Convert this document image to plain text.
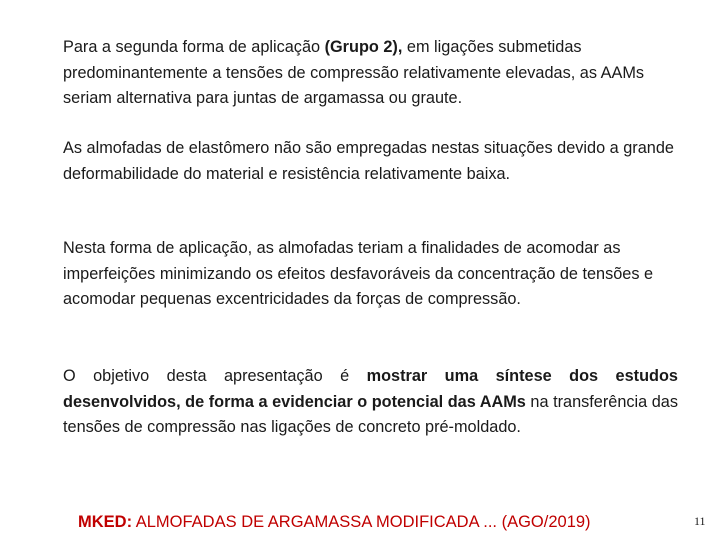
Para a segunda forma de aplicação (Grupo 2), em ligações submetidas predominantemente a tensões de compressão relativamente elevadas, as AAMs seriam alternativa para juntas de argamassa ou graute.

As almofadas de elastômero não são empregadas nestas situações devido a grande deformabilidade do material e resistência relativamente baixa.

Nesta forma de aplicação, as almofadas teriam a finalidades de acomodar as imperfeições minimizando os efeitos desfavoráveis da concentração de tensões e acomodar pequenas excentricidades da forças de compressão.

O objetivo desta apresentação é mostrar uma síntese dos estudos desenvolvidos, de forma a evidenciar o potencial das AAMs na transferência das tensões de compressão nas ligações de concreto pré-moldado.

MKED: ALMOFADAS DE ARGAMASSA MODIFICADA ... (AGO/2019)	11
